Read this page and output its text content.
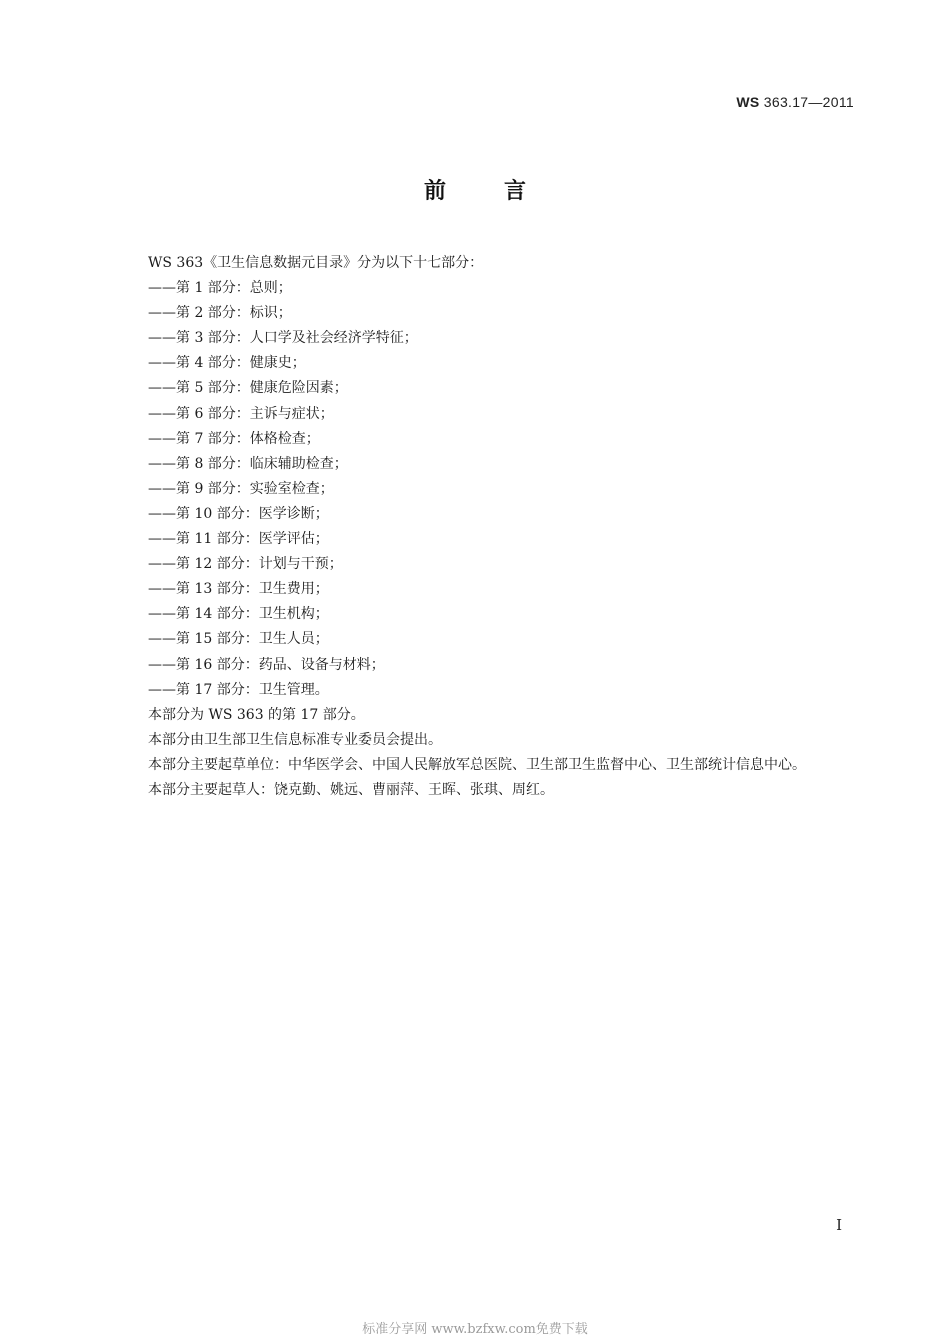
WS 363.17—2011
前言

WS 363《卫生信息数据元目录》分为以下十七部分：

——第 1 部分：总则；

——第 2 部分：标识；

——第 3 部分：人口学及社会经济学特征；

——第 4 部分：健康史；

——第 5 部分：健康危险因素；

——第 6 部分：主诉与症状；

——第 7 部分：体格检查；

——第 8 部分：临床辅助检查；

——第 9 部分：实验室检查；

——第 10 部分：医学诊断；

——第 11 部分：医学评估；

——第 12 部分：计划与干预；

——第 13 部分：卫生费用；

——第 14 部分：卫生机构；

——第 15 部分：卫生人员；

——第 16 部分：药品、设备与材料；

——第 17 部分：卫生管理。

本部分为 WS 363 的第 17 部分。

本部分由卫生部卫生信息标准专业委员会提出。

本部分主要起草单位：中华医学会、中国人民解放军总医院、卫生部卫生监督中心、卫生部统计信息中心。

本部分主要起草人：饶克勤、姚远、曹丽萍、王晖、张琪、周红。

I
标准分享网 www.bzfxw.com免费下载
